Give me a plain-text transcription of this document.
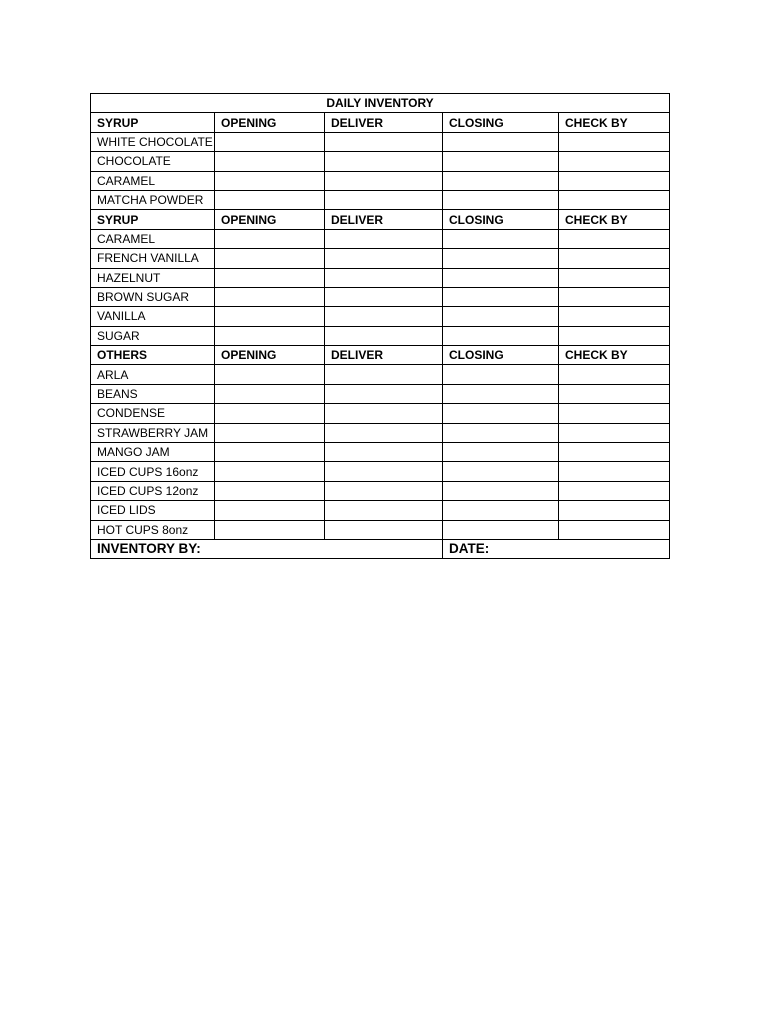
DAILY INVENTORY				
SYRUP	OPENING	DELIVER	CLOSING	CHECK BY
WHITE CHOCOLATE				
CHOCOLATE				
CARAMEL				
MATCHA POWDER				
SYRUP	OPENING	DELIVER	CLOSING	CHECK BY
CARAMEL				
FRENCH VANILLA				
HAZELNUT				
BROWN SUGAR				
VANILLA				
SUGAR				
OTHERS	OPENING	DELIVER	CLOSING	CHECK BY
ARLA				
BEANS				
CONDENSE				
STRAWBERRY JAM				
MANGO JAM				
ICED CUPS 16onz				
ICED CUPS 12onz				
ICED LIDS				
HOT CUPS 8onz				
INVENTORY BY:			DATE:	
